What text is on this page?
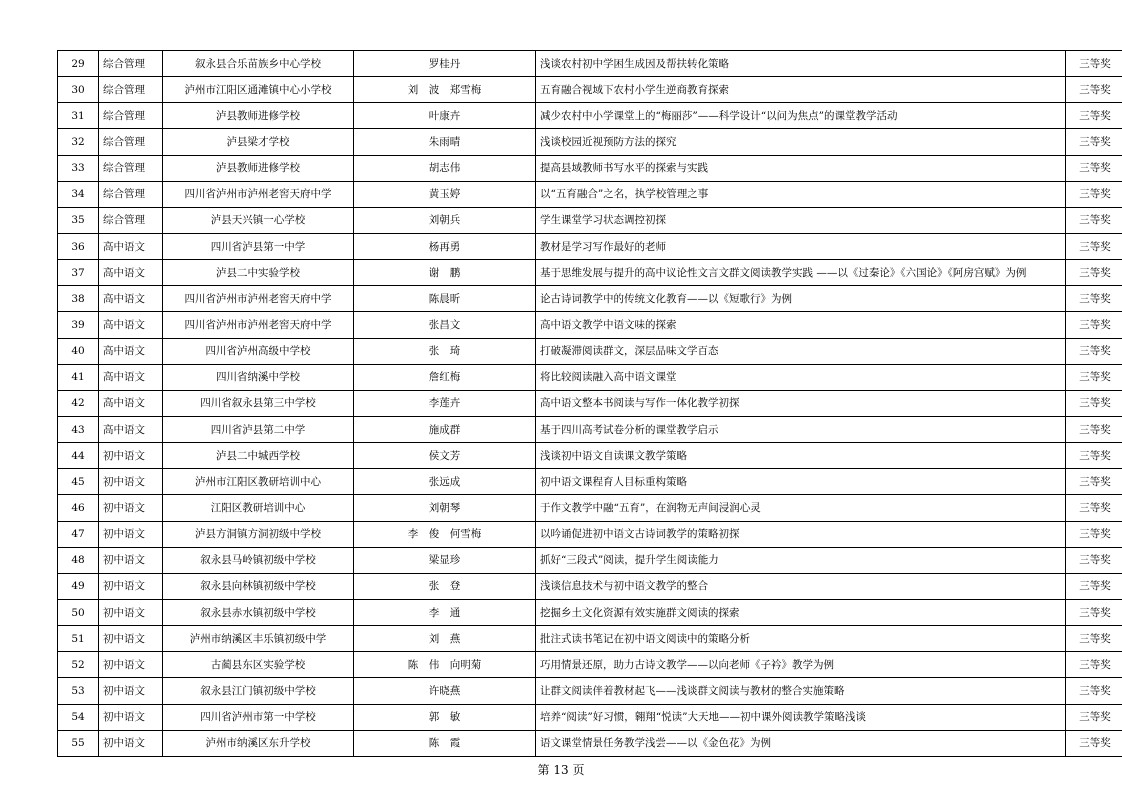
29	综合管理	叙永县合乐苗族乡中心学校	罗桂丹	浅谈农村初中学困生成因及帮扶转化策略	三等奖
30	综合管理	泸州市江阳区通滩镇中心小学校	刘　波　郑雪梅	五育融合视域下农村小学生逆商教育探索	三等奖
31	综合管理	泸县教师进修学校	叶康卉	减少农村中小学课堂上的“梅丽莎”——科学设计“以问为焦点”的课堂教学活动	三等奖
32	综合管理	泸县梁才学校	朱雨晴	浅谈校园近视预防方法的探究	三等奖
33	综合管理	泸县教师进修学校	胡志伟	提高县域教师书写水平的探索与实践	三等奖
34	综合管理	四川省泸州市泸州老窖天府中学	黄玉婷	以“五育融合”之名，执学校管理之事	三等奖
35	综合管理	泸县天兴镇一心学校	刘朝兵	学生课堂学习状态调控初探	三等奖
36	高中语文	四川省泸县第一中学	杨再勇	教材是学习写作最好的老师	三等奖
37	高中语文	泸县二中实验学校	谢　鹏	基于思维发展与提升的高中议论性文言文群文阅读教学实践 ——以《过秦论》《六国论》《阿房宫赋》为例	三等奖
38	高中语文	四川省泸州市泸州老窖天府中学	陈晨昕	论古诗词教学中的传统文化教育——以《短歌行》为例	三等奖
39	高中语文	四川省泸州市泸州老窖天府中学	张昌文	高中语文教学中语文味的探索	三等奖
40	高中语文	四川省泸州高级中学校	张　琦	打破凝滞阅读群文，深层品味文学百态	三等奖
41	高中语文	四川省纳溪中学校	詹红梅	将比较阅读融入高中语文课堂	三等奖
42	高中语文	四川省叙永县第三中学校	李莲卉	高中语文整本书阅读与写作一体化教学初探	三等奖
43	高中语文	四川省泸县第二中学	施成群	基于四川高考试卷分析的课堂教学启示	三等奖
44	初中语文	泸县二中城西学校	侯文芳	浅谈初中语文自读课文教学策略	三等奖
45	初中语文	泸州市江阳区教研培训中心	张远成	初中语文课程育人目标重构策略	三等奖
46	初中语文	江阳区教研培训中心	刘朝琴	于作文教学中融“五育”，在润物无声间浸润心灵	三等奖
47	初中语文	泸县方洞镇方洞初级中学校	李　俊　何雪梅	以吟诵促进初中语文古诗词教学的策略初探	三等奖
48	初中语文	叙永县马岭镇初级中学校	梁显珍	抓好“三段式”阅读，提升学生阅读能力	三等奖
49	初中语文	叙永县向林镇初级中学校	张　登	浅谈信息技术与初中语文教学的整合	三等奖
50	初中语文	叙永县赤水镇初级中学校	李　通	挖掘乡土文化资源有效实施群文阅读的探索	三等奖
51	初中语文	泸州市纳溪区丰乐镇初级中学	刘　燕	批注式读书笔记在初中语文阅读中的策略分析	三等奖
52	初中语文	古蔺县东区实验学校	陈　伟　向明菊	巧用情景还原，助力古诗文教学——以向老师《子衿》教学为例	三等奖
53	初中语文	叙永县江门镇初级中学校	许晓燕	让群文阅读伴着教材起飞——浅谈群文阅读与教材的整合实施策略	三等奖
54	初中语文	四川省泸州市第一中学校	郭　敏	培养“阅读”好习惯，翱翔“悦读”大天地——初中课外阅读教学策略浅谈	三等奖
55	初中语文	泸州市纳溪区东升学校	陈　霞	语文课堂情景任务教学浅尝——以《金色花》为例	三等奖
第 13 页
